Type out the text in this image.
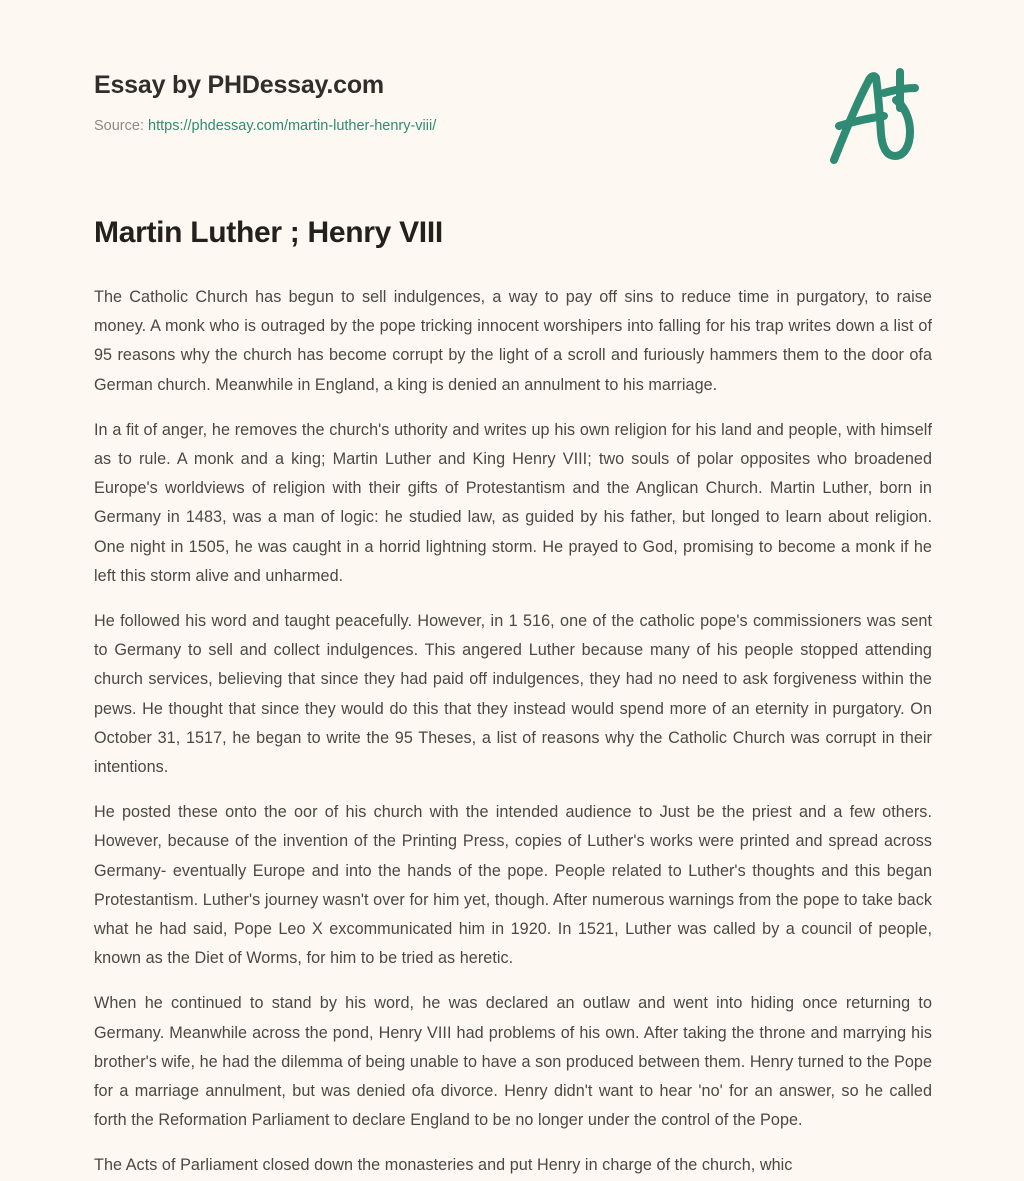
Essay by PHDessay.com
Source: https://phdessay.com/martin-luther-henry-viii/
Martin Luther ; Henry VIII

The Catholic Church has begun to sell indulgences, a way to pay off sins to reduce time in purgatory, to raise money. A monk who is outraged by the pope tricking innocent worshipers into falling for his trap writes down a list of 95 reasons why the church has become corrupt by the light of a scroll and furiously hammers them to the door ofa German church. Meanwhile in England, a king is denied an annulment to his marriage.

In a fit of anger, he removes the church's uthority and writes up his own religion for his land and people, with himself as to rule. A monk and a king; Martin Luther and King Henry VIII; two souls of polar opposites who broadened Europe's worldviews of religion with their gifts of Protestantism and the Anglican Church. Martin Luther, born in Germany in 1483, was a man of logic: he studied law, as guided by his father, but longed to learn about religion. One night in 1505, he was caught in a horrid lightning storm. He prayed to God, promising to become a monk if he left this storm alive and unharmed.

He followed his word and taught peacefully. However, in 1 516, one of the catholic pope's commissioners was sent to Germany to sell and collect indulgences. This angered Luther because many of his people stopped attending church services, believing that since they had paid off indulgences, they had no need to ask forgiveness within the pews. He thought that since they would do this that they instead would spend more of an eternity in purgatory. On October 31, 1517, he began to write the 95 Theses, a list of reasons why the Catholic Church was corrupt in their intentions.

He posted these onto the oor of his church with the intended audience to Just be the priest and a few others. However, because of the invention of the Printing Press, copies of Luther's works were printed and spread across Germany- eventually Europe and into the hands of the pope. People related to Luther's thoughts and this began Protestantism. Luther's journey wasn't over for him yet, though. After numerous warnings from the pope to take back what he had said, Pope Leo X excommunicated him in 1920. In 1521, Luther was called by a council of people, known as the Diet of Worms, for him to be tried as heretic.

When he continued to stand by his word, he was declared an outlaw and went into hiding once returning to Germany. Meanwhile across the pond, Henry VIII had problems of his own. After taking the throne and marrying his brother's wife, he had the dilemma of being unable to have a son produced between them. Henry turned to the Pope for a marriage annulment, but was denied ofa divorce. Henry didn't want to hear 'no' for an answer, so he called forth the Reformation Parliament to declare England to be no longer under the control of the Pope.

The Acts of Parliament closed down the monasteries and put Henry in charge of the church, whic
